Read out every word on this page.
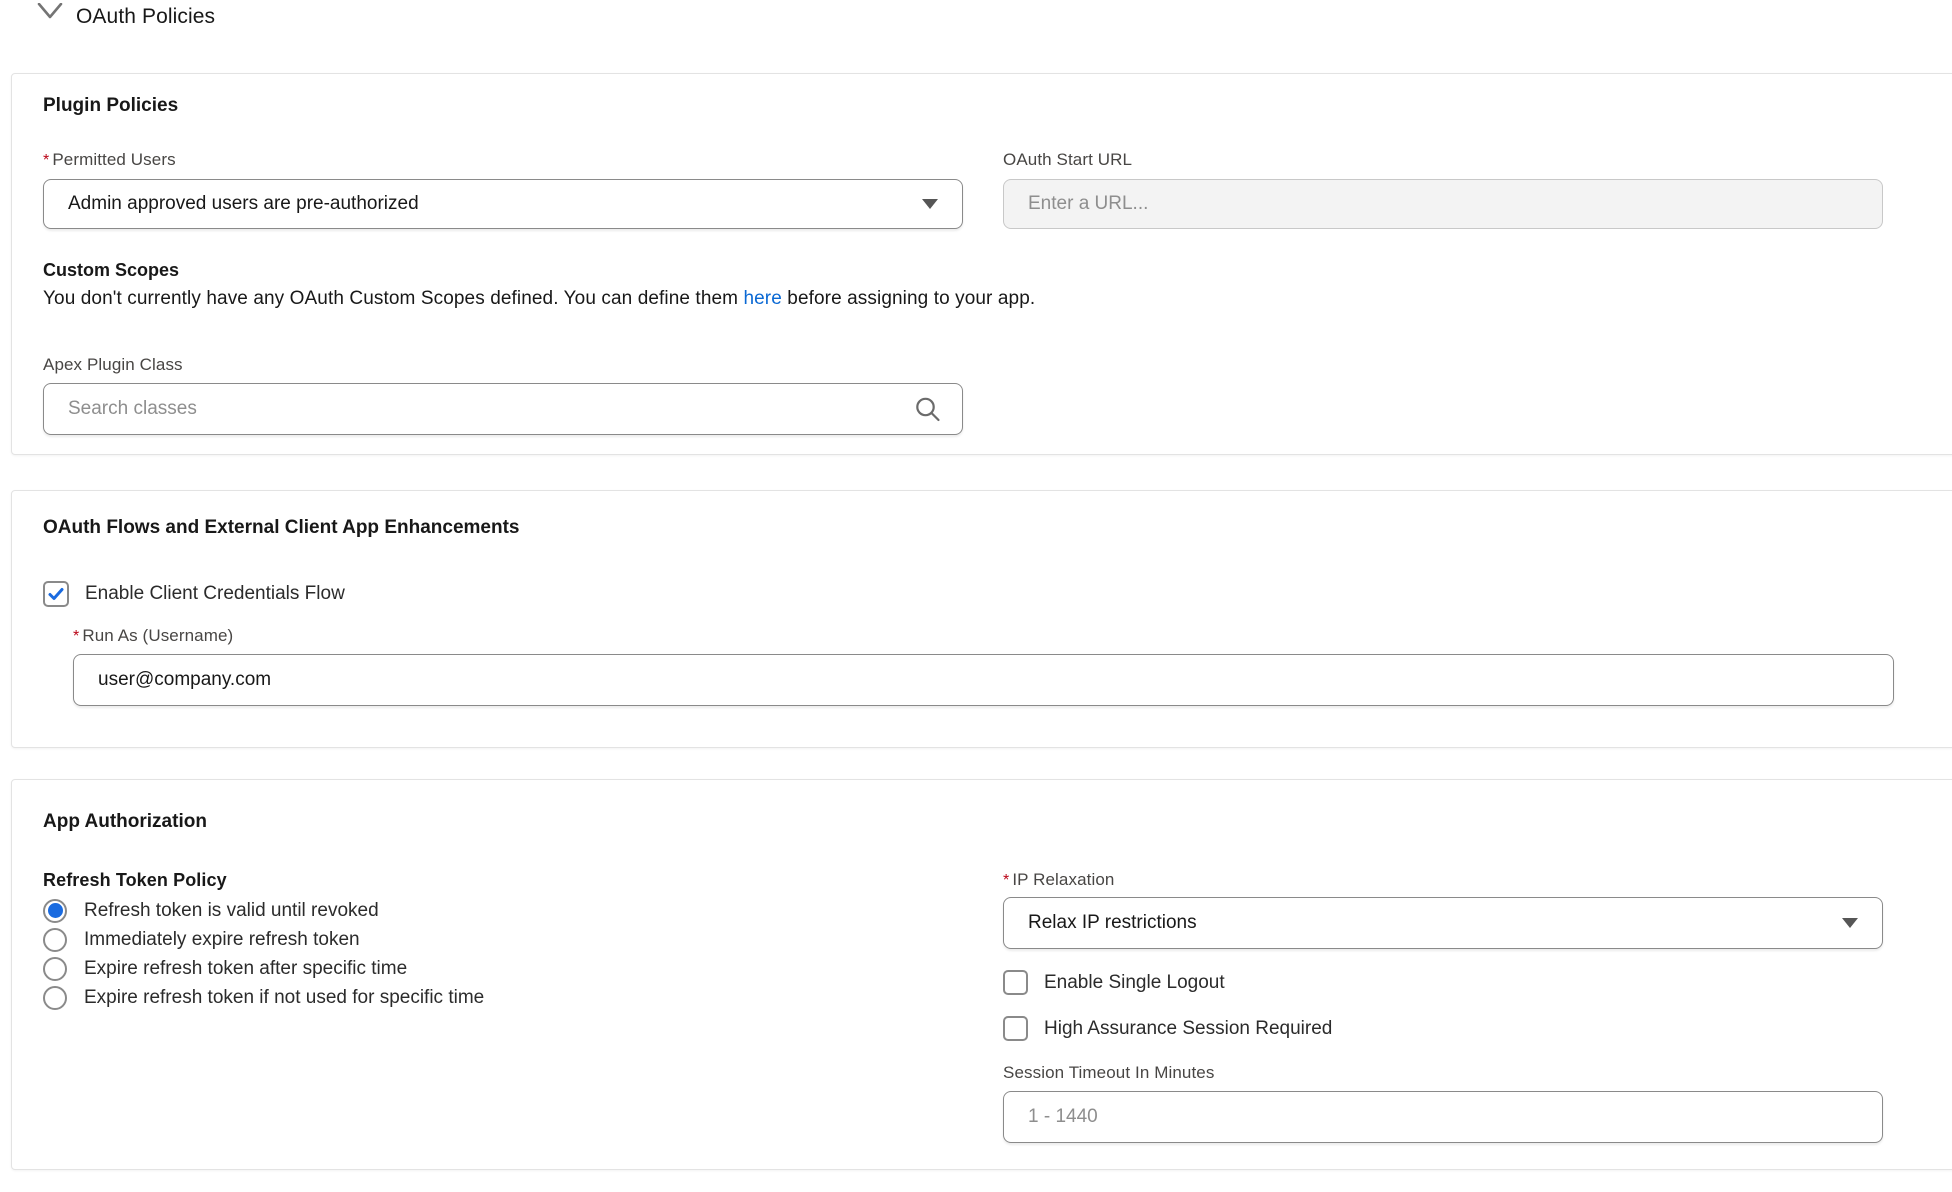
OAuth Policies
Plugin Policies
* Permitted Users
Admin approved users are pre-authorized
OAuth Start URL
Enter a URL...
Custom Scopes

You don't currently have any OAuth Custom Scopes defined. You can define them here before assigning to your app.

Apex Plugin Class
Search classes
OAuth Flows and External Client App Enhancements
Enable Client Credentials Flow
* Run As (Username)
user@company.com
App Authorization
Refresh Token Policy
Refresh token is valid until revoked
Immediately expire refresh token
Expire refresh token after specific time
Expire refresh token if not used for specific time
* IP Relaxation
Relax IP restrictions
Enable Single Logout
High Assurance Session Required
Session Timeout In Minutes
1 - 1440
